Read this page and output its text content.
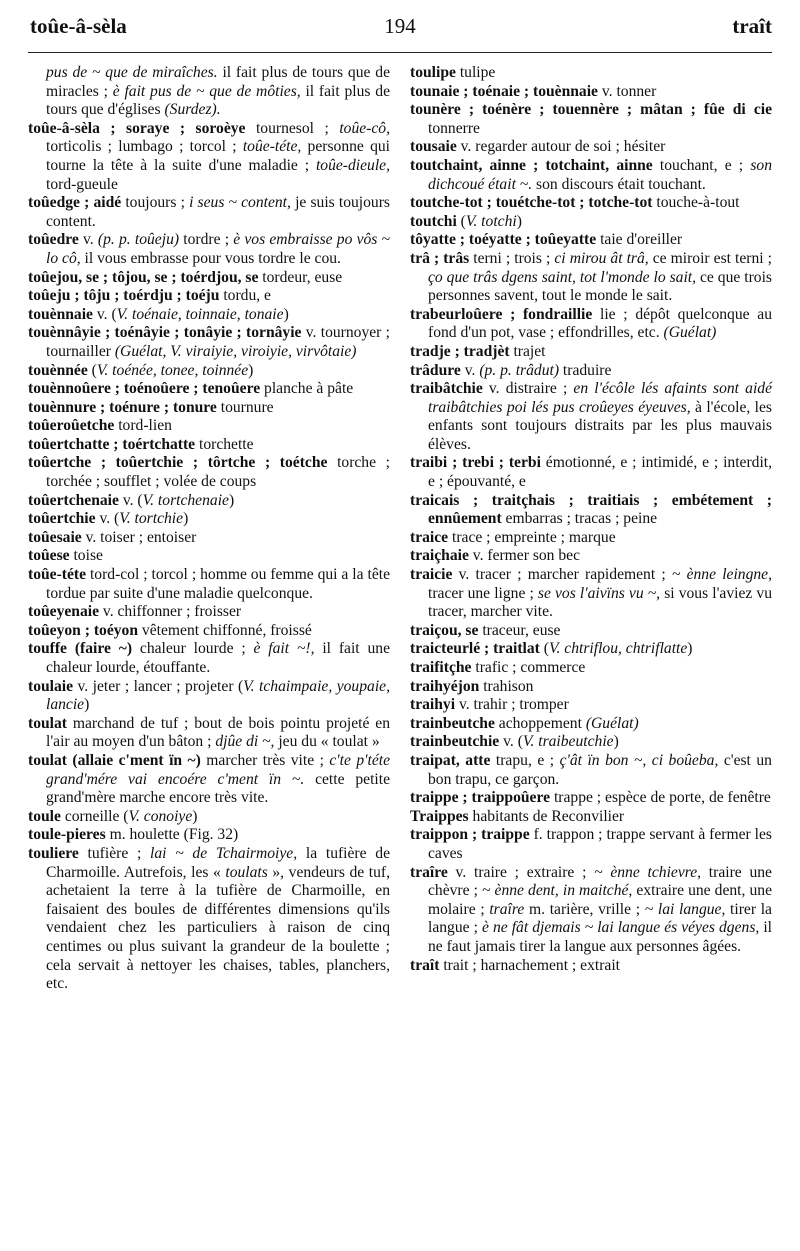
toûe-â-sèla	194	traît

pus de ~ que de miraîches. il fait plus de tours que de miracles ; è fait pus de ~ que de môties, il fait plus de tours que d'églises (Surdez).

toûe-â-sèla ; soraye ; soroèye tournesol ; toûe-cô, torticolis ; lumbago ; torcol ; toûe-téte, personne qui tourne la tête à la suite d'une maladie ; toûe-dieule, tord-gueule

toûedge ; aidé toujours ; i seus ~ content, je suis toujours content.

toûedre v. (p. p. toûeju) tordre ; è vos embraisse po vôs ~ lo cô, il vous embrasse pour vous tordre le cou.

toûejou, se ; tôjou, se ; toérdjou, se tordeur, euse

toûeju ; tôju ; toérdju ; toéju tordu, e

touènnaie v. (V. toénaie, toinnaie, tonaie)

touènnâyie ; toénâyie ; tonâyie ; tornâyie v. tournoyer ; tournailler (Guélat, V. viraiyie, viroiyie, virvôtaie)

touènnée (V. toénée, tonee, toinnée)

touènnoûere ; toénoûere ; tenoûere planche à pâte

touènnure ; toénure ; tonure tournure

toûeroûetche tord-lien

toûertchatte ; toértchatte torchette

toûertche ; toûertchie ; tôrtche ; toétche torche ; torchée ; soufflet ; volée de coups

toûertchenaie v. (V. tortchenaie)

toûertchie v. (V. tortchie)

toûesaie v. toiser ; entoiser

toûese toise

toûe-téte tord-col ; torcol ; homme ou femme qui a la tête tordue par suite d'une maladie quelconque.

toûeyenaie v. chiffonner ; froisser

toûeyon ; toéyon vêtement chiffonné, froissé

touffe (faire ~) chaleur lourde ; è fait ~!, il fait une chaleur lourde, étouffante.

toulaie v. jeter ; lancer ; projeter (V. tchaimpaie, youpaie, lancie)

toulat marchand de tuf ; bout de bois pointu projeté en l'air au moyen d'un bâton ; djûe di ~, jeu du « toulat »

toulat (allaie c'ment ïn ~) marcher très vite ; c'te p'téte grand'mére vai encoére c'ment ïn ~. cette petite grand'mère marche encore très vite.

toule corneille (V. conoiye)

toule-pieres m. houlette (Fig. 32)

touliere tufière ; lai ~ de Tchairmoiye, la tufière de Charmoille. Autrefois, les « toulats », vendeurs de tuf, achetaient la terre à la tufière de Charmoille, en faisaient des boules de différentes dimensions qu'ils vendaient chez les particuliers à raison de cinq centimes ou plus suivant la grandeur de la boulette ; cela servait à nettoyer les chaises, tables, planchers, etc.

toulipe tulipe

tounaie ; toénaie ; touènnaie v. tonner

tounère ; toénère ; touennère ; mâtan ; fûe di cie tonnerre

tousaie v. regarder autour de soi ; hésiter

toutchaint, ainne ; totchaint, ainne touchant, e ; son dichcoué était ~. son discours était touchant.

toutche-tot ; touétche-tot ; totche-tot touche-à-tout

toutchi (V. totchi)

tôyatte ; toéyatte ; toûeyatte taie d'oreiller

trâ ; trâs terni ; trois ; ci mirou ât trâ, ce miroir est terni ; ço que trâs dgens saint, tot l'monde lo sait, ce que trois personnes savent, tout le monde le sait.

trabeurloûere ; fondraillie lie ; dépôt quelconque au fond d'un pot, vase ; effondrilles, etc. (Guélat)

tradje ; tradjèt trajet

trâdure v. (p. p. trâdut) traduire

traibâtchie v. distraire ; en l'écôle lés afaints sont aidé traibâtchies poi lés pus croûeyes éyeuves, à l'école, les enfants sont toujours distraits par les plus mauvais élèves.

traibi ; trebi ; terbi émotionné, e ; intimidé, e ; interdit, e ; épouvanté, e

traicais ; traitçhais ; traitiais ; embétement ; ennûement embarras ; tracas ; peine

traice trace ; empreinte ; marque

traiçhaie v. fermer son bec

traicie v. tracer ; marcher rapidement ; ~ ènne leingne, tracer une ligne ; se vos l'aivïns vu ~, si vous l'aviez vu tracer, marcher vite.

traiçou, se traceur, euse

traicteurlé ; traitlat (V. chtriflou, chtriflatte)

traifitçhe trafic ; commerce

traihyéjon trahison

traihyi v. trahir ; tromper

trainbeutche achoppement (Guélat)

trainbeutchie v. (V. traibeutchie)

traipat, atte trapu, e ; ç'ât ïn bon ~, ci boûeba, c'est un bon trapu, ce garçon.

traippe ; traippoûere trappe ; espèce de porte, de fenêtre

Traippes habitants de Reconvilier

traippon ; traippe f. trappon ; trappe servant à fermer les caves

traîre v. traire ; extraire ; ~ ènne tchievre, traire une chèvre ; ~ ènne dent, in maitché, extraire une dent, une molaire ; traîre m. tarière, vrille ; ~ lai langue, tirer la langue ; è ne fât djemais ~ lai langue és véyes dgens, il ne faut jamais tirer la langue aux personnes âgées.

traît trait ; harnachement ; extrait
